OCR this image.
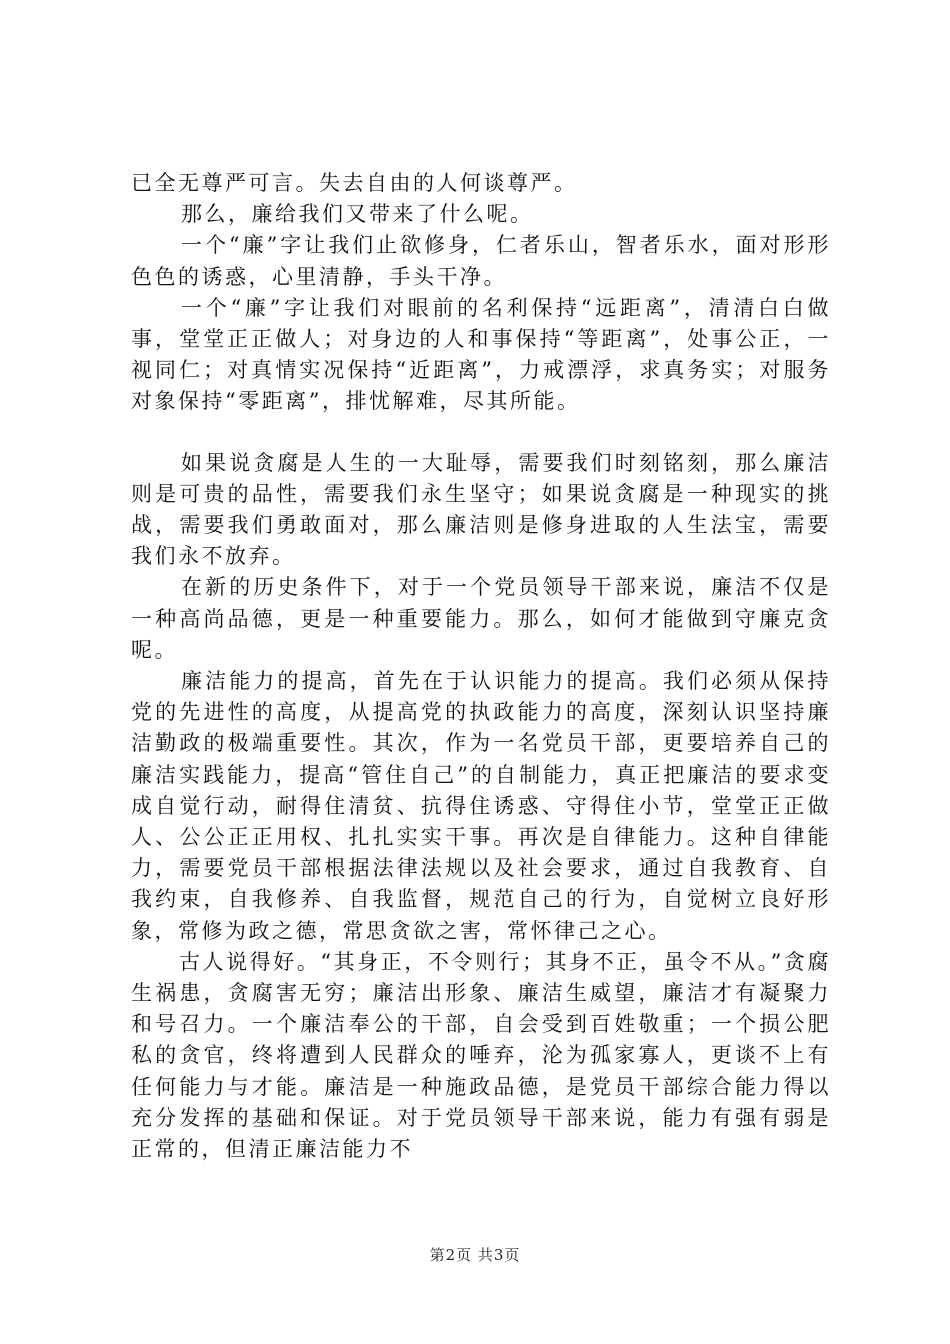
已全无尊严可言。失去自由的人何谈尊严。

那么，廉给我们又带来了什么呢。

一个“廉”字让我们止欲修身，仁者乐山，智者乐水，面对形形色色的诱惑，心里清静，手头干净。

一个“廉”字让我们对眼前的名利保持“远距离”，清清白白做事，堂堂正正做人；对身边的人和事保持“等距离”，处事公正，一视同仁；对真情实况保持“近距离”，力戒漂浮，求真务实；对服务对象保持“零距离”，排忧解难，尽其所能。

如果说贪腐是人生的一大耻辱，需要我们时刻铭刻，那么廉洁则是可贵的品性，需要我们永生坚守；如果说贪腐是一种现实的挑战，需要我们勇敢面对，那么廉洁则是修身进取的人生法宝，需要我们永不放弃。

在新的历史条件下，对于一个党员领导干部来说，廉洁不仅是一种高尚品德，更是一种重要能力。那么，如何才能做到守廉克贪呢。

廉洁能力的提高，首先在于认识能力的提高。我们必须从保持党的先进性的高度，从提高党的执政能力的高度，深刻认识坚持廉洁勤政的极端重要性。其次，作为一名党员干部，更要培养自己的廉洁实践能力，提高“管住自己”的自制能力，真正把廉洁的要求变成自觉行动，耐得住清贫、抗得住诱惑、守得住小节，堂堂正正做人、公公正正用权、扎扎实实干事。再次是自律能力。这种自律能力，需要党员干部根据法律法规以及社会要求，通过自我教育、自我约束，自我修养、自我监督，规范自己的行为，自觉树立良好形象，常修为政之德，常思贪欲之害，常怀律己之心。

古人说得好。“其身正，不令则行；其身不正，虽令不从。”贪腐生祸患，贪腐害无穷；廉洁出形象、廉洁生威望，廉洁才有凝聚力和号召力。一个廉洁奉公的干部，自会受到百姓敬重；一个损公肥私的贪官，终将遭到人民群众的唾弃，沦为孤家寡人，更谈不上有任何能力与才能。廉洁是一种施政品德，是党员干部综合能力得以充分发挥的基础和保证。对于党员领导干部来说，能力有强有弱是正常的，但清正廉洁能力不

第2页 共3页
